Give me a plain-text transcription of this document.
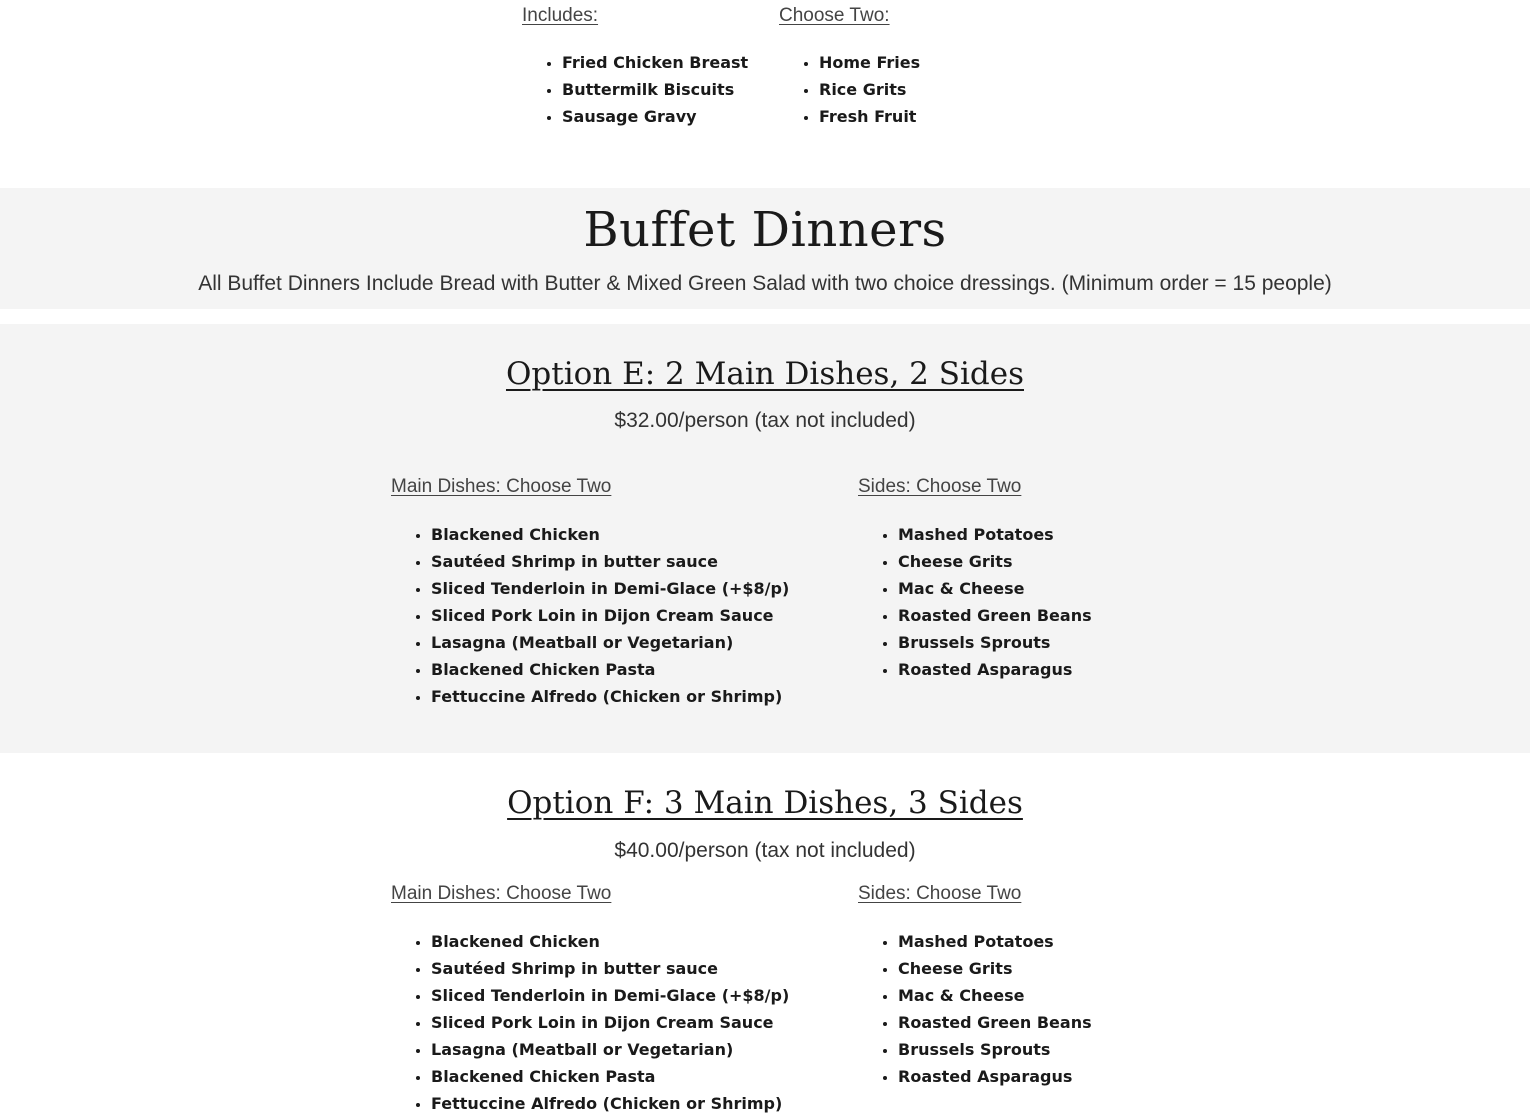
Includes:

• Fried Chicken Breast
• Buttermilk Biscuits
• Sausage Gravy

Choose Two:

• Home Fries
• Rice Grits
• Fresh Fruit
Buffet Dinners

All Buffet Dinners Include Bread with Butter & Mixed Green Salad with two choice dressings. (Minimum order = 15 people)

Option E: 2 Main Dishes, 2 Sides

$32.00/person (tax not included)

Main Dishes: Choose Two

• Blackened Chicken
• Sautéed Shrimp in butter sauce
• Sliced Tenderloin in Demi-Glace (+$8/p)
• Sliced Pork Loin in Dijon Cream Sauce
• Lasagna (Meatball or Vegetarian)
• Blackened Chicken Pasta
• Fettuccine Alfredo (Chicken or Shrimp)

Sides: Choose Two

• Mashed Potatoes
• Cheese Grits
• Mac & Cheese
• Roasted Green Beans
• Brussels Sprouts
• Roasted Asparagus
Option F: 3 Main Dishes, 3 Sides

$40.00/person (tax not included)

Main Dishes: Choose Two

• Blackened Chicken
• Sautéed Shrimp in butter sauce
• Sliced Tenderloin in Demi-Glace (+$8/p)
• Sliced Pork Loin in Dijon Cream Sauce
• Lasagna (Meatball or Vegetarian)
• Blackened Chicken Pasta
• Fettuccine Alfredo (Chicken or Shrimp)

Sides: Choose Two

• Mashed Potatoes
• Cheese Grits
• Mac & Cheese
• Roasted Green Beans
• Brussels Sprouts
• Roasted Asparagus
